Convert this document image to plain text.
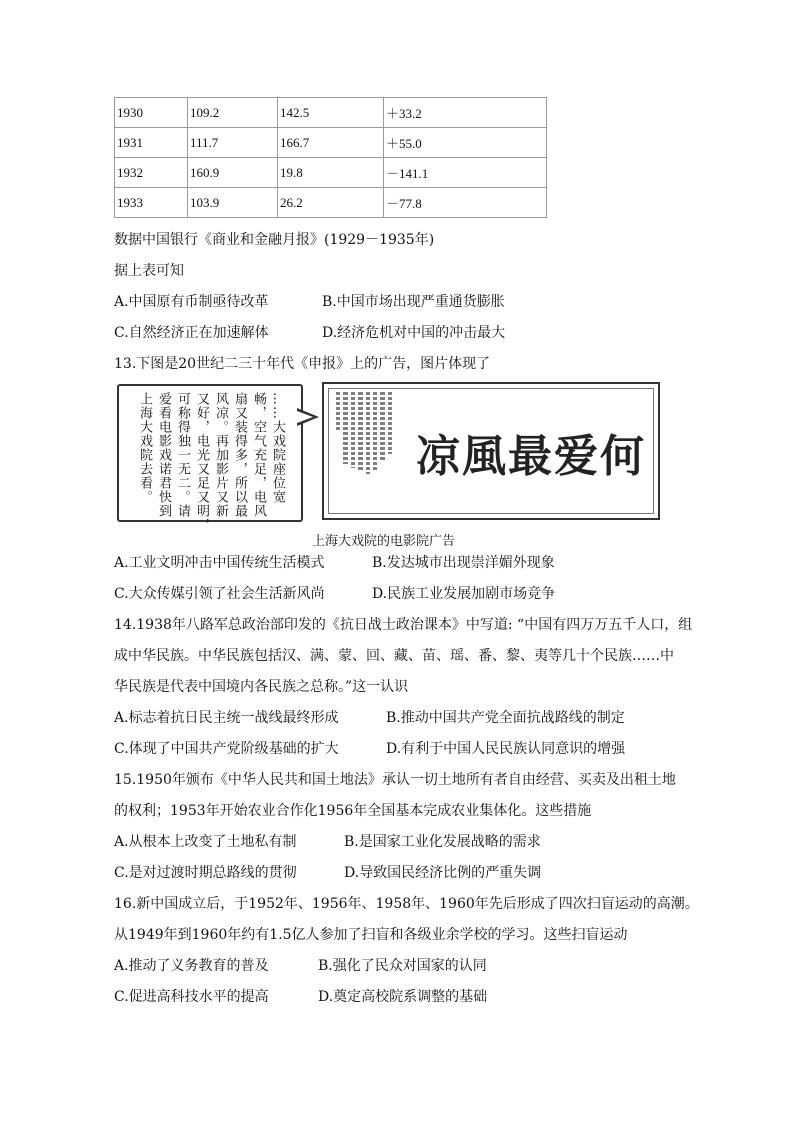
1930	109.2	142.5	＋33.2
1931	111.7	166.7	＋55.0
1932	160.9	19.8	－141.1
1933	103.9	26.2	－77.8
数据中国银行《商业和金融月报》(1929－1935年)
据上表可知
A.中国原有币制亟待改革	B.中国市场出现严重通货膨胀
C.自然经济正在加速解体	D.经济危机对中国的冲击最大
13.下图是20世纪二三十年代《申报》上的广告，图片体现了
……大戏院座位宽
畅，空气充足，电风
扇又装得多，所以最
风凉。再加影片又新
又好，电光又足又明，
可称得独一无二。请
爱看电影戏诺君快到
上海大戏院去看。	凉風最爱何
上海大戏院的电影院广告
A.工业文明冲击中国传统生活模式	B.发达城市出现崇洋媚外现象
C.大众传媒引领了社会生活新风尚	D.民族工业发展加剧市场竞争
14.1938年八路军总政治部印发的《抗日战士政治课本》中写道: “中国有四万万五千人口，组
成中华民族。中华民族包括汉、满、蒙、回、藏、苗、瑶、番、黎、夷等几十个民族……中
华民族是代表中国境内各民族之总称。”这一认识
A.标志着抗日民主统一战线最终形成	B.推动中国共产党全面抗战路线的制定
C.体现了中国共产党阶级基础的扩大	D.有利于中国人民民族认同意识的增强
15.1950年颁布《中华人民共和国土地法》承认一切土地所有者自由经营、买卖及出租土地
的权利；1953年开始农业合作化1956年全国基本完成农业集体化。这些措施
A.从根本上改变了土地私有制	B.是国家工业化发展战略的需求
C.是对过渡时期总路线的贯彻	D.导致国民经济比例的严重失调
16.新中国成立后，于1952年、1956年、1958年、1960年先后形成了四次扫盲运动的高潮。
从1949年到1960年约有1.5亿人参加了扫盲和各级业余学校的学习。这些扫盲运动
A.推动了义务教育的普及	B.强化了民众对国家的认同
C.促进高科技水平的提高	D.奠定高校院系调整的基础
